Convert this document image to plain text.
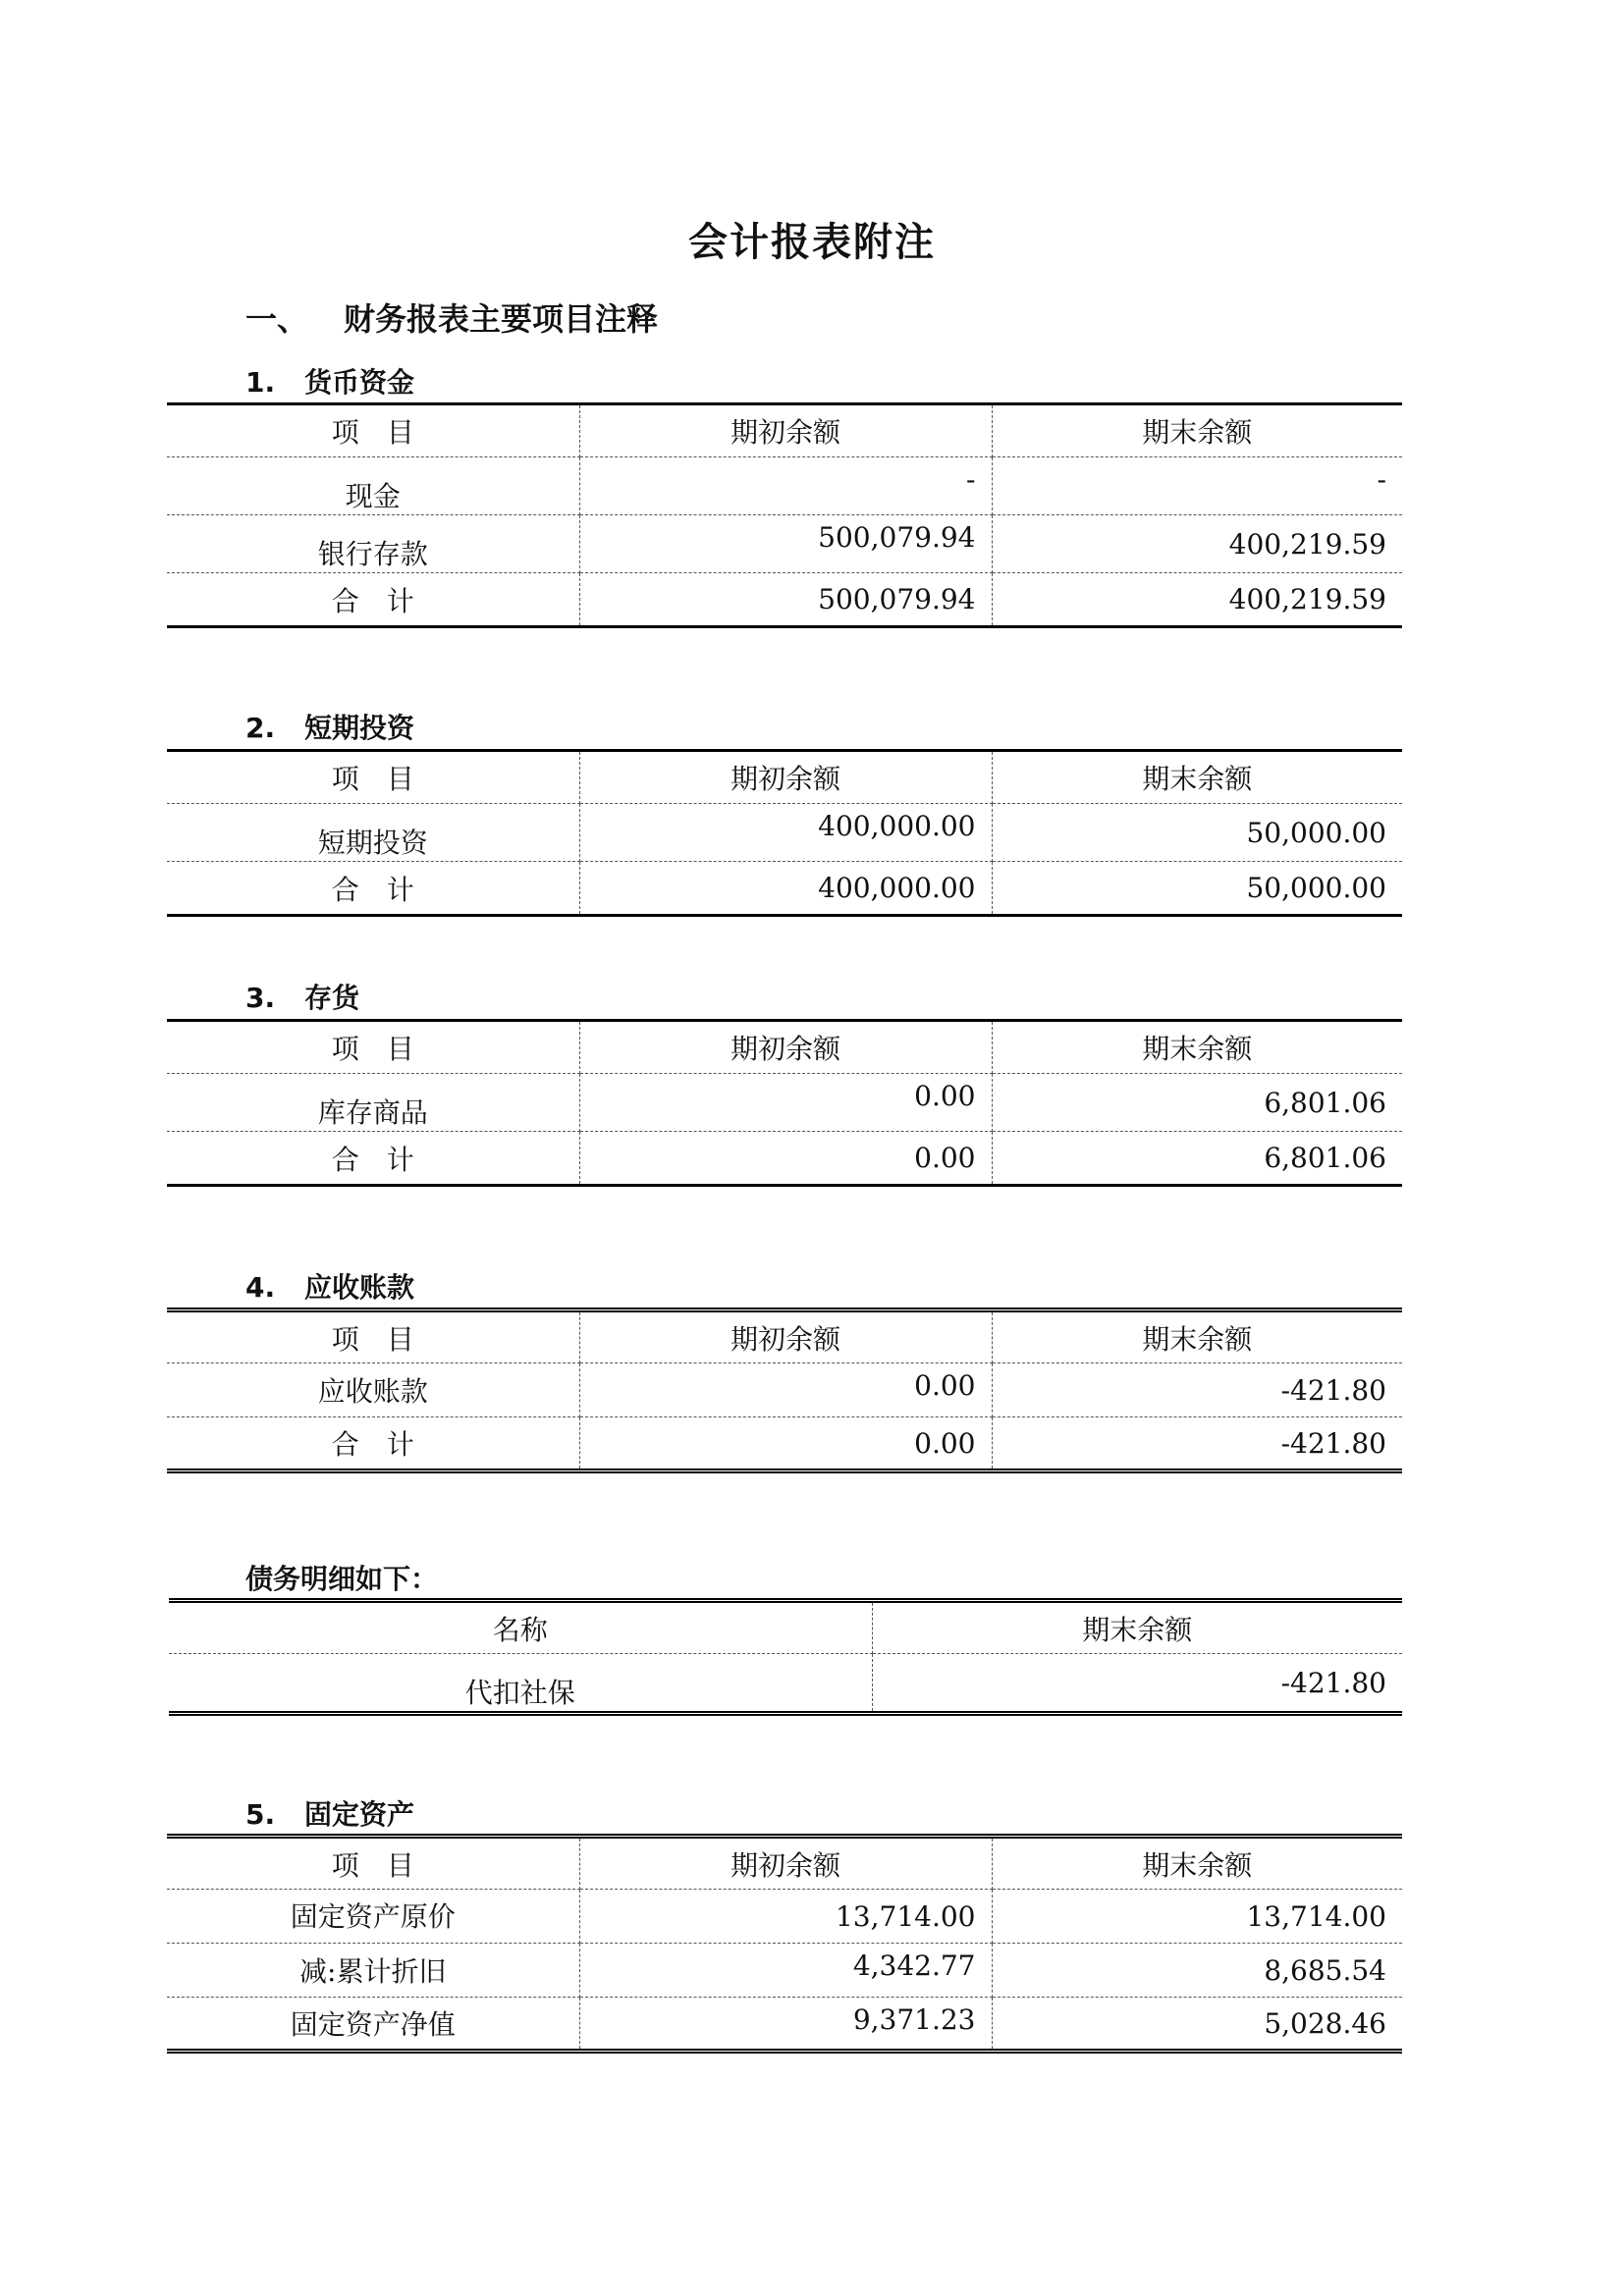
会计报表附注
一、 财务报表主要项目注释
1. 货币资金
项　目	期初余额	期末余额
现金	-	-
银行存款	500,079.94	400,219.59
合　计	500,079.94	400,219.59
2. 短期投资
项　目	期初余额	期末余额
短期投资	400,000.00	50,000.00
合　计	400,000.00	50,000.00
3. 存货
项　目	期初余额	期末余额
库存商品	0.00	6,801.06
合　计	0.00	6,801.06
4. 应收账款
项　目	期初余额	期末余额
应收账款	0.00	-421.80
合　计	0.00	-421.80
债务明细如下：
名称	期末余额
代扣社保	-421.80
5. 固定资产
项　目	期初余额	期末余额
固定资产原价	13,714.00	13,714.00
减:累计折旧	4,342.77	8,685.54
固定资产净值	9,371.23	5,028.46
